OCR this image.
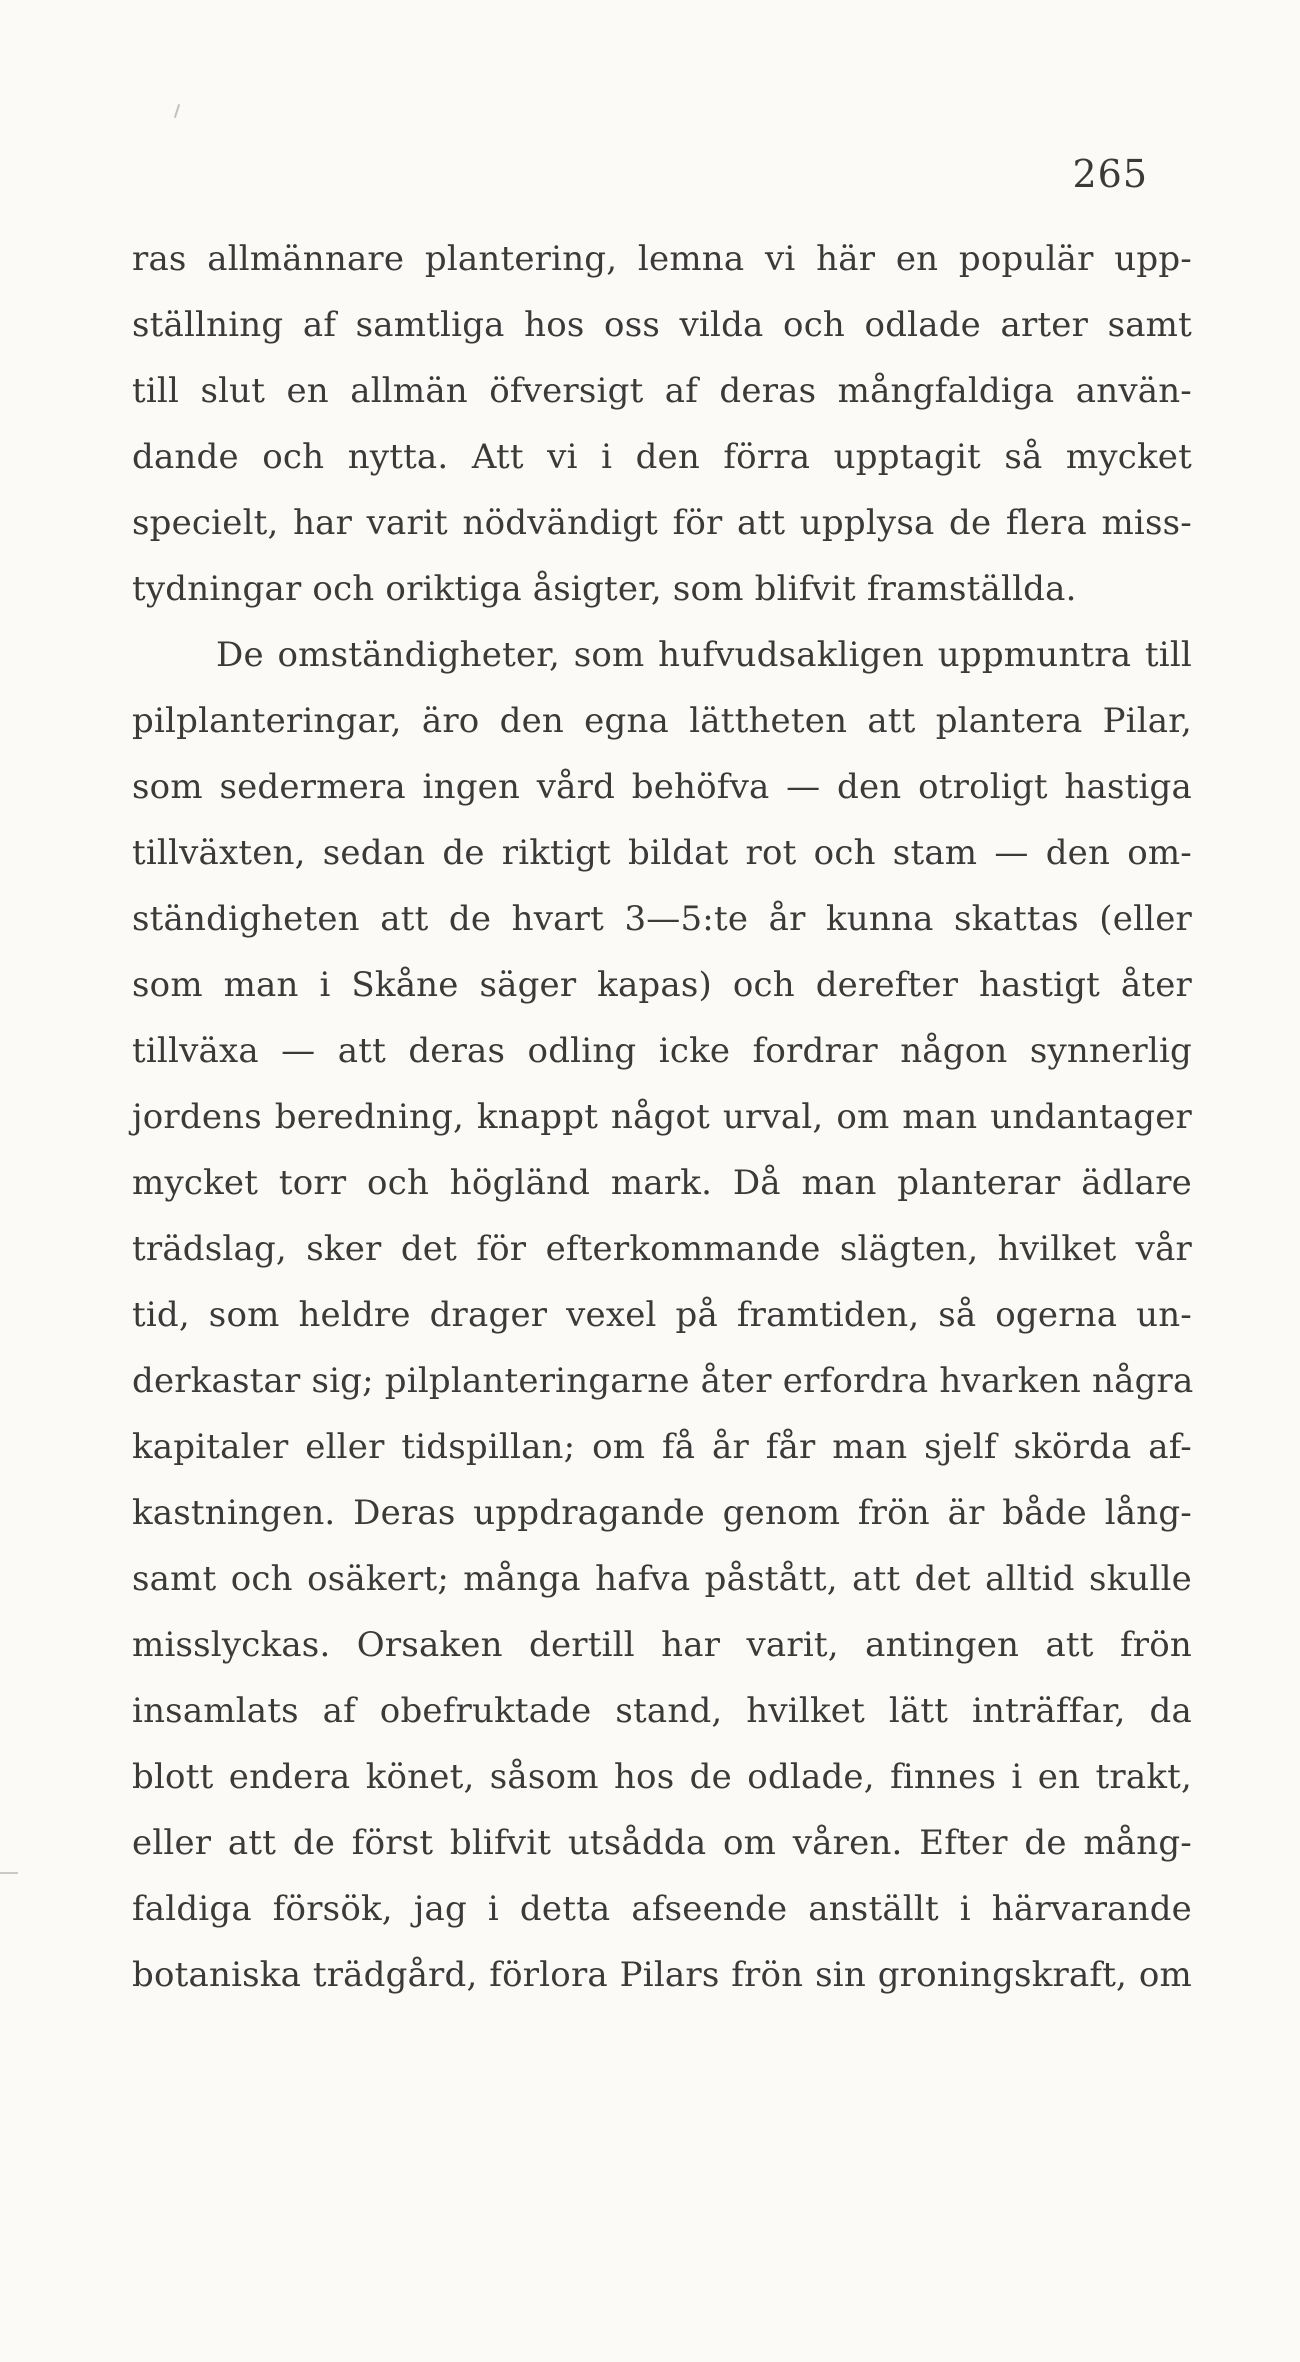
265
ras allmännare plantering, lemna vi här en populär upp-
ställning af samtliga hos oss vilda och odlade arter samt
till slut en allmän öfversigt af deras mångfaldiga använ-
dande och nytta. Att vi i den förra upptagit så mycket
specielt, har varit nödvändigt för att upplysa de flera miss-
tydningar och oriktiga åsigter, som blifvit framställda.
De omständigheter, som hufvudsakligen uppmuntra till
pilplanteringar, äro den egna lättheten att plantera Pilar,
som sedermera ingen vård behöfva — den otroligt hastiga
tillväxten, sedan de riktigt bildat rot och stam — den om-
ständigheten att de hvart 3—5:te år kunna skattas (eller
som man i Skåne säger kapas) och derefter hastigt åter
tillväxa — att deras odling icke fordrar någon synnerlig
jordens beredning, knappt något urval, om man undantager
mycket torr och högländ mark. Då man planterar ädlare
trädslag, sker det för efterkommande slägten, hvilket vår
tid, som heldre drager vexel på framtiden, så ogerna un-
derkastar sig; pilplanteringarne åter erfordra hvarken några
kapitaler eller tidspillan; om få år får man sjelf skörda af-
kastningen. Deras uppdragande genom frön är både lång-
samt och osäkert; många hafva påstått, att det alltid skulle
misslyckas. Orsaken dertill har varit, antingen att frön
insamlats af obefruktade stand, hvilket lätt inträffar, da
blott endera könet, såsom hos de odlade, finnes i en trakt,
eller att de först blifvit utsådda om våren. Efter de mång-
faldiga försök, jag i detta afseende anställt i härvarande
botaniska trädgård, förlora Pilars frön sin groningskraft, om
